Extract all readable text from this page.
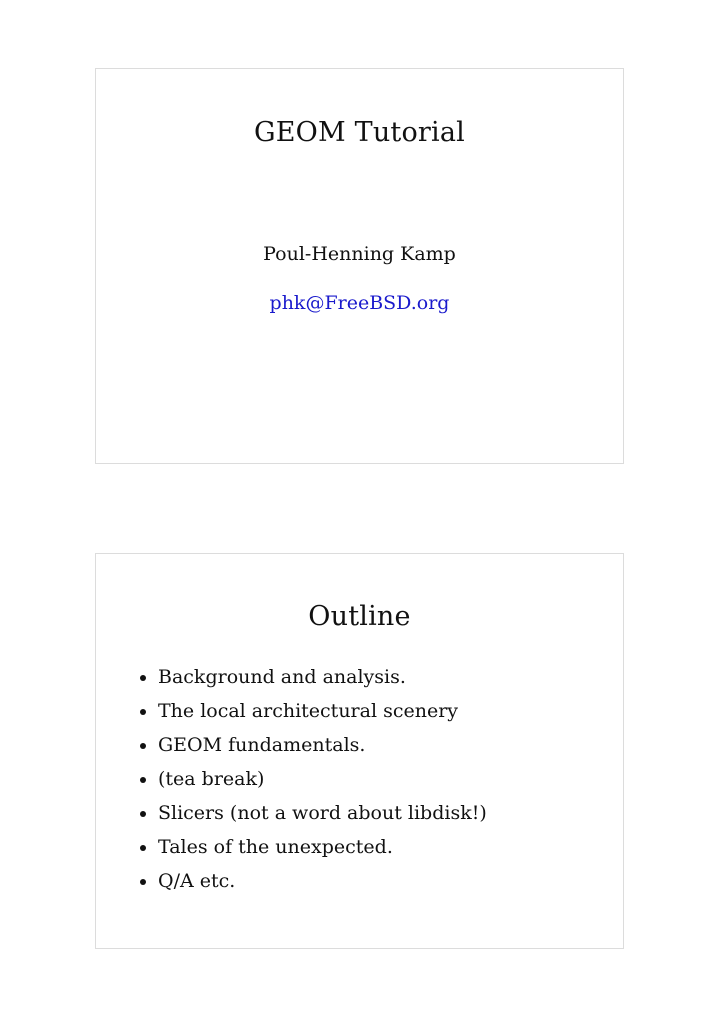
GEOM Tutorial
Poul-Henning Kamp
phk@FreeBSD.org
Outline
Background and analysis.
The local architectural scenery
GEOM fundamentals.
(tea break)
Slicers (not a word about libdisk!)
Tales of the unexpected.
Q/A etc.
